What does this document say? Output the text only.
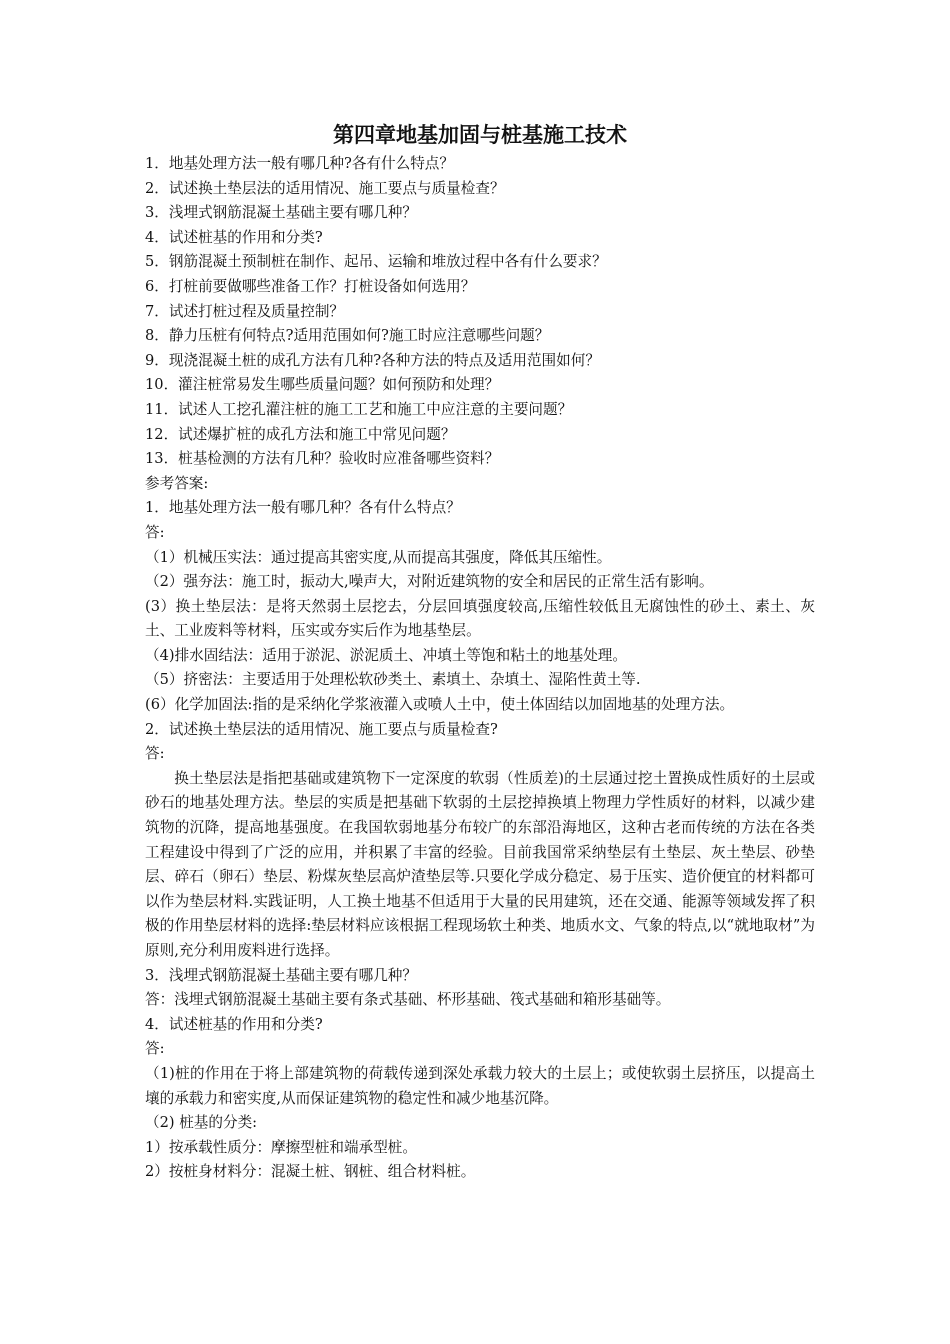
第四章地基加固与桩基施工技术
1．地基处理方法一般有哪几种?各有什么特点？
2．试述换土垫层法的适用情况、施工要点与质量检查？
3．浅埋式钢筋混凝土基础主要有哪几种？
4．试述桩基的作用和分类?
5．钢筋混凝土预制桩在制作、起吊、运输和堆放过程中各有什么要求？
6．打桩前要做哪些准备工作？打桩设备如何选用？
7．试述打桩过程及质量控制？
8．静力压桩有何特点?适用范围如何?施工时应注意哪些问题？
9．现浇混凝土桩的成孔方法有几种?各种方法的特点及适用范围如何？
10．灌注桩常易发生哪些质量问题？如何预防和处理？
11．试述人工挖孔灌注桩的施工工艺和施工中应注意的主要问题？
12．试述爆扩桩的成孔方法和施工中常见问题？
13．桩基检测的方法有几种？验收时应准备哪些资料？
参考答案:
1．地基处理方法一般有哪几种？各有什么特点？
答:
（1）机械压实法：通过提高其密实度,从而提高其强度，降低其压缩性。
（2）强夯法：施工时，振动大,噪声大，对附近建筑物的安全和居民的正常生活有影响。
(3）换土垫层法：是将天然弱土层挖去，分层回填强度较高,压缩性较低且无腐蚀性的砂土、素土、灰土、工业废料等材料，压实或夯实后作为地基垫层。
（4)排水固结法：适用于淤泥、淤泥质土、冲填土等饱和粘土的地基处理。
（5）挤密法：主要适用于处理松软砂类土、素填土、杂填土、湿陷性黄土等.
(6）化学加固法:指的是采纳化学浆液灌入或喷人土中，使土体固结以加固地基的处理方法。
2．试述换土垫层法的适用情况、施工要点与质量检查?
答:
换土垫层法是指把基础或建筑物下一定深度的软弱（性质差)的土层通过挖土置换成性质好的土层或砂石的地基处理方法。垫层的实质是把基础下软弱的土层挖掉换填上物理力学性质好的材料，以减少建筑物的沉降，提高地基强度。在我国软弱地基分布较广的东部沿海地区，这种古老而传统的方法在各类工程建设中得到了广泛的应用，并积累了丰富的经验。目前我国常采纳垫层有土垫层、灰土垫层、砂垫层、碎石（卵石）垫层、粉煤灰垫层高炉渣垫层等.只要化学成分稳定、易于压实、造价便宜的材料都可以作为垫层材料.实践证明，人工换土地基不但适用于大量的民用建筑，还在交通、能源等领域发挥了积极的作用垫层材料的选择:垫层材料应该根据工程现场软土种类、地质水文、气象的特点,以“就地取材”为原则,充分利用废料进行选择。
3．浅埋式钢筋混凝土基础主要有哪几种？
答：浅埋式钢筋混凝土基础主要有条式基础、杯形基础、筏式基础和箱形基础等。
4．试述桩基的作用和分类?
答:
（1)桩的作用在于将上部建筑物的荷载传递到深处承载力较大的土层上；或使软弱土层挤压，以提高土壤的承载力和密实度,从而保证建筑物的稳定性和减少地基沉降。
（2) 桩基的分类:
1）按承载性质分：摩擦型桩和端承型桩。
2）按桩身材料分：混凝土桩、钢桩、组合材料桩。
